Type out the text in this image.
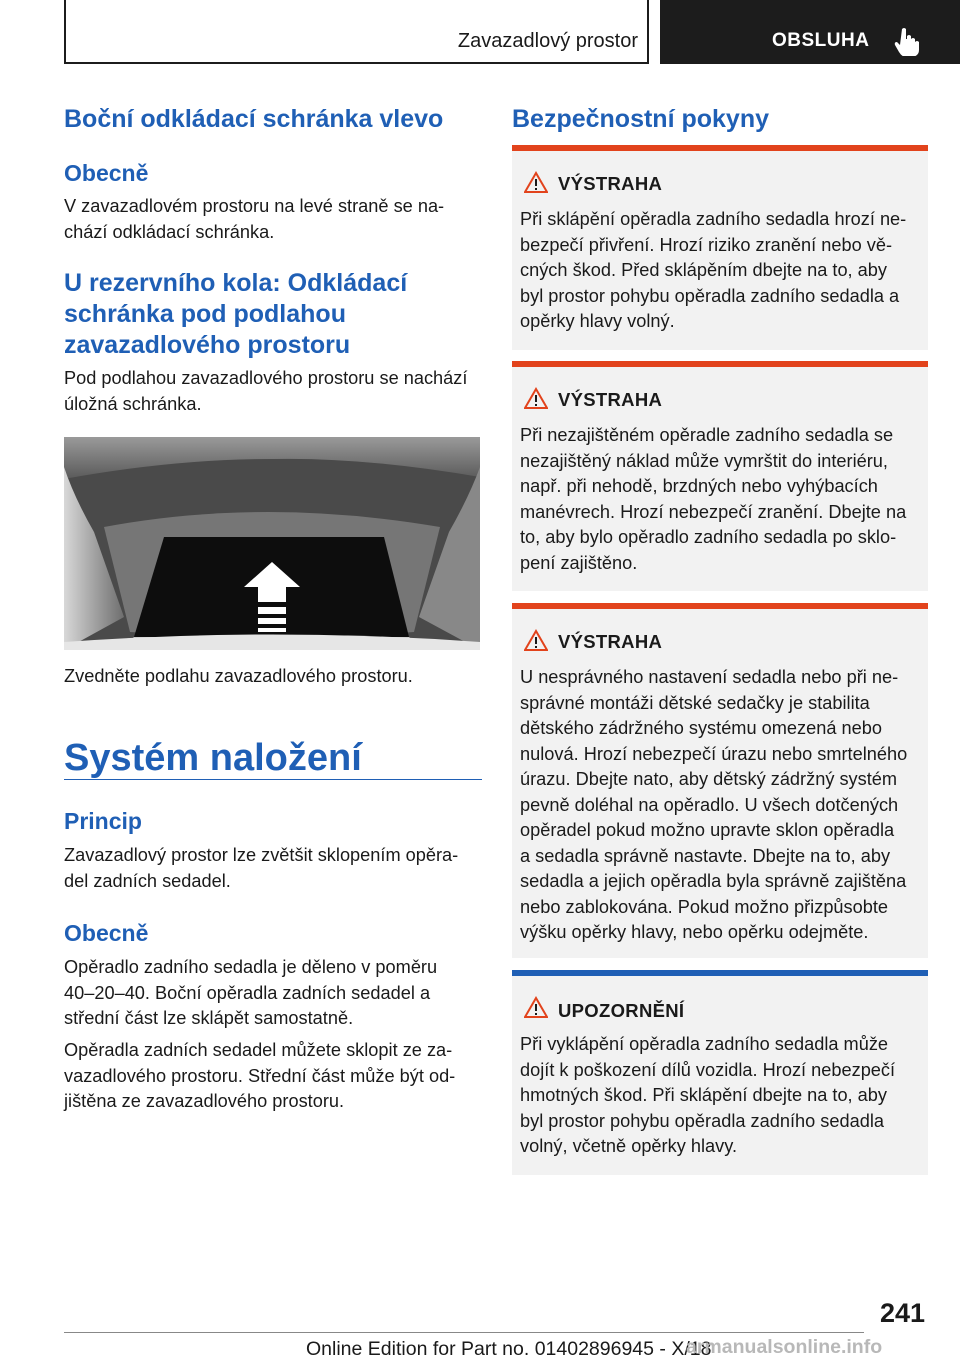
Zavazadlový prostor	OBSLUHA
Boční odkládací schránka vlevo
Obecně
V zavazadlovém prostoru na levé straně se na-
chází odkládací schránka.
U rezervního kola: Odkládací
schránka pod podlahou
zavazadlového prostoru
Pod podlahou zavazadlového prostoru se nachází
úložná schránka.
Zvedněte podlahu zavazadlového prostoru.
Systém naložení
Princip
Zavazadlový prostor lze zvětšit sklopením opěra-
del zadních sedadel.
Obecně
Opěradlo zadního sedadla je děleno v poměru
40–20–40. Boční opěradla zadních sedadel a
střední část lze sklápět samostatně.
Opěradla zadních sedadel můžete sklopit ze za-
vazadlového prostoru. Střední část může být od-
jištěna ze zavazadlového prostoru.
Bezpečnostní pokyny
VÝSTRAHA
Při sklápění opěradla zadního sedadla hrozí ne-
bezpečí přivření. Hrozí riziko zranění nebo vě-
cných škod. Před sklápěním dbejte na to, aby
byl prostor pohybu opěradla zadního sedadla a
opěrky hlavy volný.
VÝSTRAHA
Při nezajištěném opěradle zadního sedadla se
nezajištěný náklad může vymrštit do interiéru,
např. při nehodě, brzdných nebo vyhýbacích
manévrech. Hrozí nebezpečí zranění. Dbejte na
to, aby bylo opěradlo zadního sedadla po sklo-
pení zajištěno.
VÝSTRAHA
U nesprávného nastavení sedadla nebo při ne-
správné montáži dětské sedačky je stabilita
dětského zádržného systému omezená nebo
nulová. Hrozí nebezpečí úrazu nebo smrtelného
úrazu. Dbejte nato, aby dětský zádržný systém
pevně doléhal na opěradlo. U všech dotčených
opěradel pokud možno upravte sklon opěradla
a sedadla správně nastavte. Dbejte na to, aby
sedadla a jejich opěradla byla správně zajištěna
nebo zablokována. Pokud možno přizpůsobte
výšku opěrky hlavy, nebo opěrku odejměte.
UPOZORNĚNÍ
Při vyklápění opěradla zadního sedadla může
dojít k poškození dílů vozidla. Hrozí nebezpečí
hmotných škod. Při sklápění dbejte na to, aby
byl prostor pohybu opěradla zadního sedadla
volný, včetně opěrky hlavy.
241
Online Edition for Part no. 01402896945 - X/18
armanualsonline.info
